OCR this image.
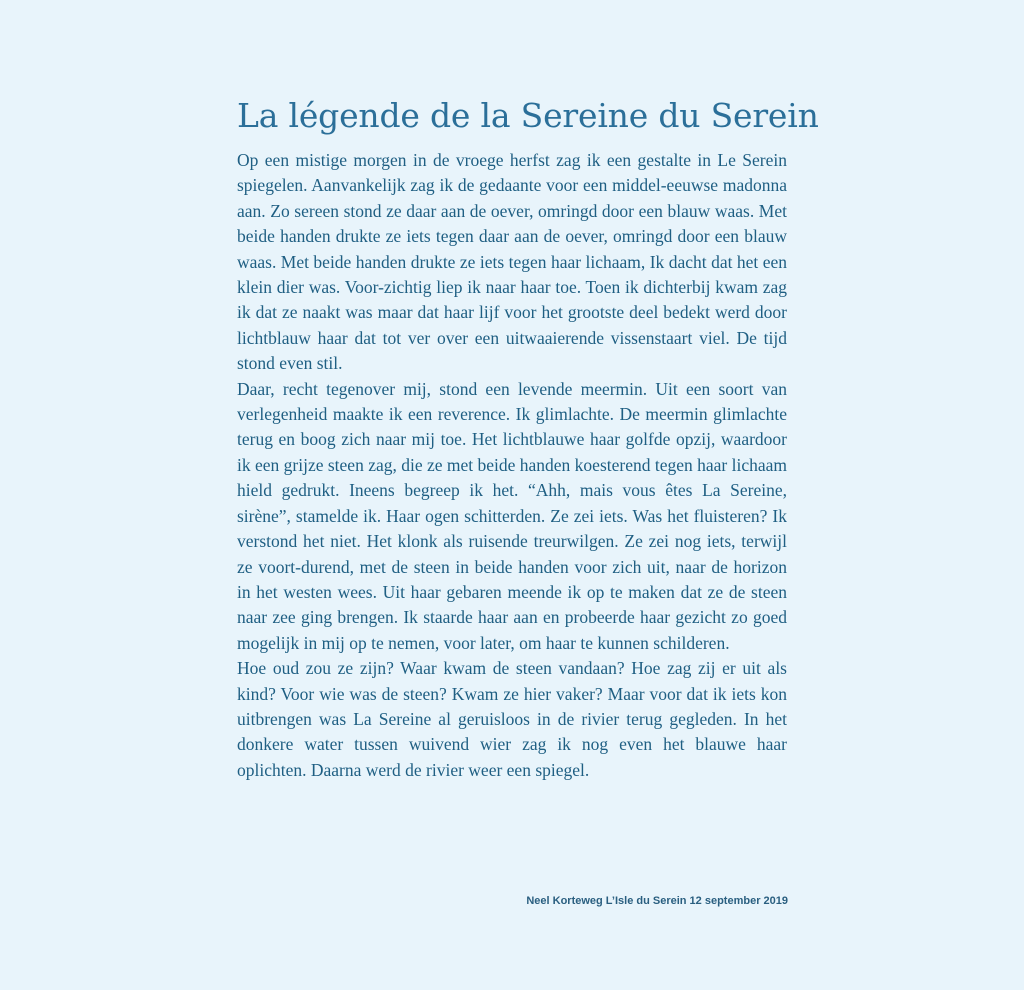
La légende de la Sereine du Serein

Op een mistige morgen in de vroege herfst zag ik een gestalte in Le Serein spiegelen. Aanvankelijk zag ik de gedaante voor een middel-eeuwse madonna aan. Zo sereen stond ze daar aan de oever, omringd door een blauw waas. Met beide handen drukte ze iets tegen daar aan de oever, omringd door een blauw waas. Met beide handen drukte ze iets tegen haar lichaam, Ik dacht dat het een klein dier was. Voor-zichtig liep ik naar haar toe. Toen ik dichterbij kwam zag ik dat ze naakt was maar dat haar lijf voor het grootste deel bedekt werd door lichtblauw haar dat tot ver over een uitwaaierende vissenstaart viel. De tijd stond even stil.

Daar, recht tegenover mij, stond een levende meermin. Uit een soort van verlegenheid maakte ik een reverence. Ik glimlachte. De meermin glimlachte terug en boog zich naar mij toe. Het lichtblauwe haar golfde opzij, waardoor ik een grijze steen zag, die ze met beide handen koesterend tegen haar lichaam hield gedrukt. Ineens begreep ik het. “Ahh, mais vous êtes La Sereine, sirène”, stamelde ik. Haar ogen schitterden. Ze zei iets. Was het fluisteren? Ik verstond het niet. Het klonk als ruisende treurwilgen. Ze zei nog iets, terwijl ze voort-durend, met de steen in beide handen voor zich uit, naar de horizon in het westen wees. Uit haar gebaren meende ik op te maken dat ze de steen naar zee ging brengen. Ik staarde haar aan en probeerde haar gezicht zo goed mogelijk in mij op te nemen, voor later, om haar te kunnen schilderen.

Hoe oud zou ze zijn? Waar kwam de steen vandaan? Hoe zag zij er uit als kind? Voor wie was de steen? Kwam ze hier vaker? Maar voor dat ik iets kon uitbrengen was La Sereine al geruisloos in de rivier terug gegleden. In het donkere water tussen wuivend wier zag ik nog even het blauwe haar oplichten. Daarna werd de rivier weer een spiegel.

Neel Korteweg L’Isle du Serein 12 september 2019
